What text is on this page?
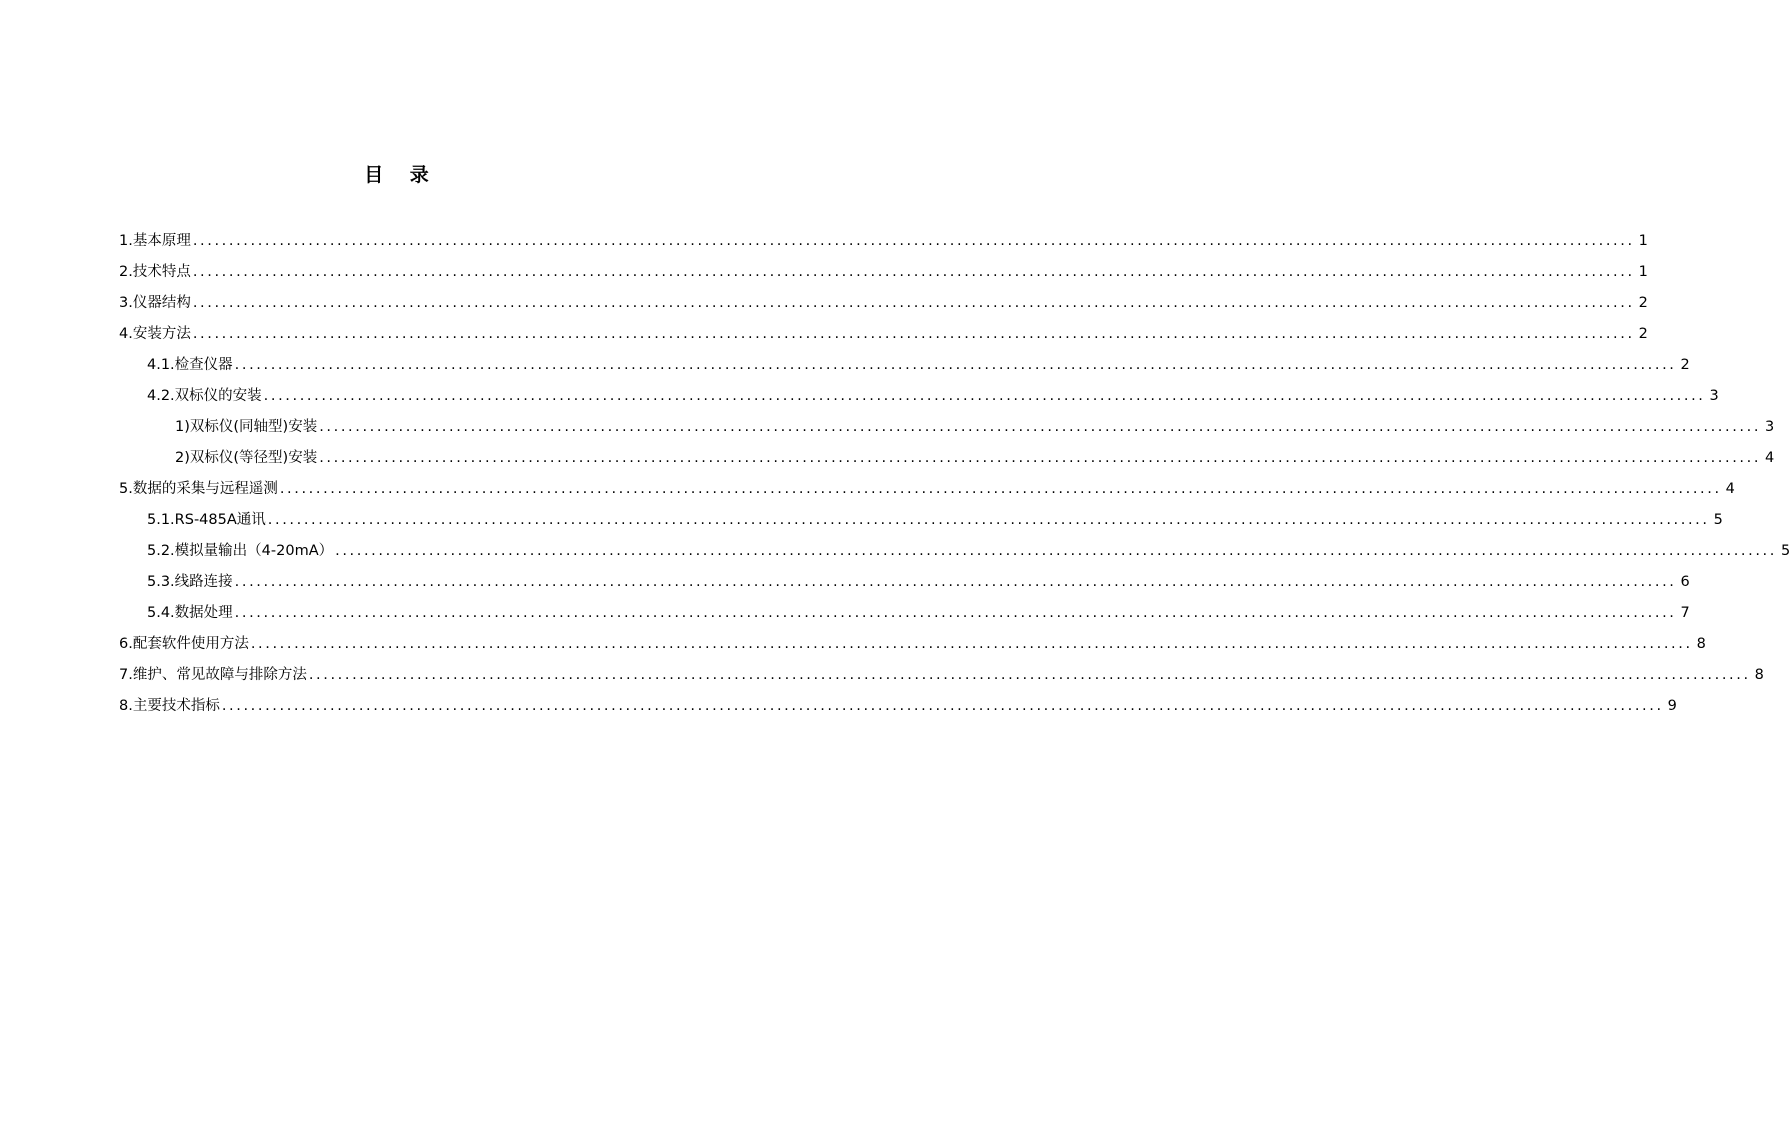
目    录
1. 基本原理 ........................................................................................................................................................................................................ 1
2. 技术特点 ........................................................................................................................................................................................................ 1
3. 仪器结构 ........................................................................................................................................................................................................ 2
4. 安装方法 ........................................................................................................................................................................................................ 2
4.1. 检查仪器 ........................................................................................................................................................................................................ 2
4.2. 双标仪的安装 ........................................................................................................................................................................................................ 3
1) 双标仪(同轴型)安装 ........................................................................................................................................................................................................ 3
2) 双标仪(等径型)安装 ........................................................................................................................................................................................................ 4
5. 数据的采集与远程遥测 ........................................................................................................................................................................................................ 4
5.1. RS-485A通讯 ........................................................................................................................................................................................................ 5
5.2. 模拟量输出（4-20mA） ........................................................................................................................................................................................................ 5
5.3. 线路连接 ........................................................................................................................................................................................................ 6
5.4. 数据处理 ........................................................................................................................................................................................................ 7
6. 配套软件使用方法 ........................................................................................................................................................................................................ 8
7. 维护、常见故障与排除方法 ........................................................................................................................................................................................................ 8
8. 主要技术指标 ........................................................................................................................................................................................................ 9
